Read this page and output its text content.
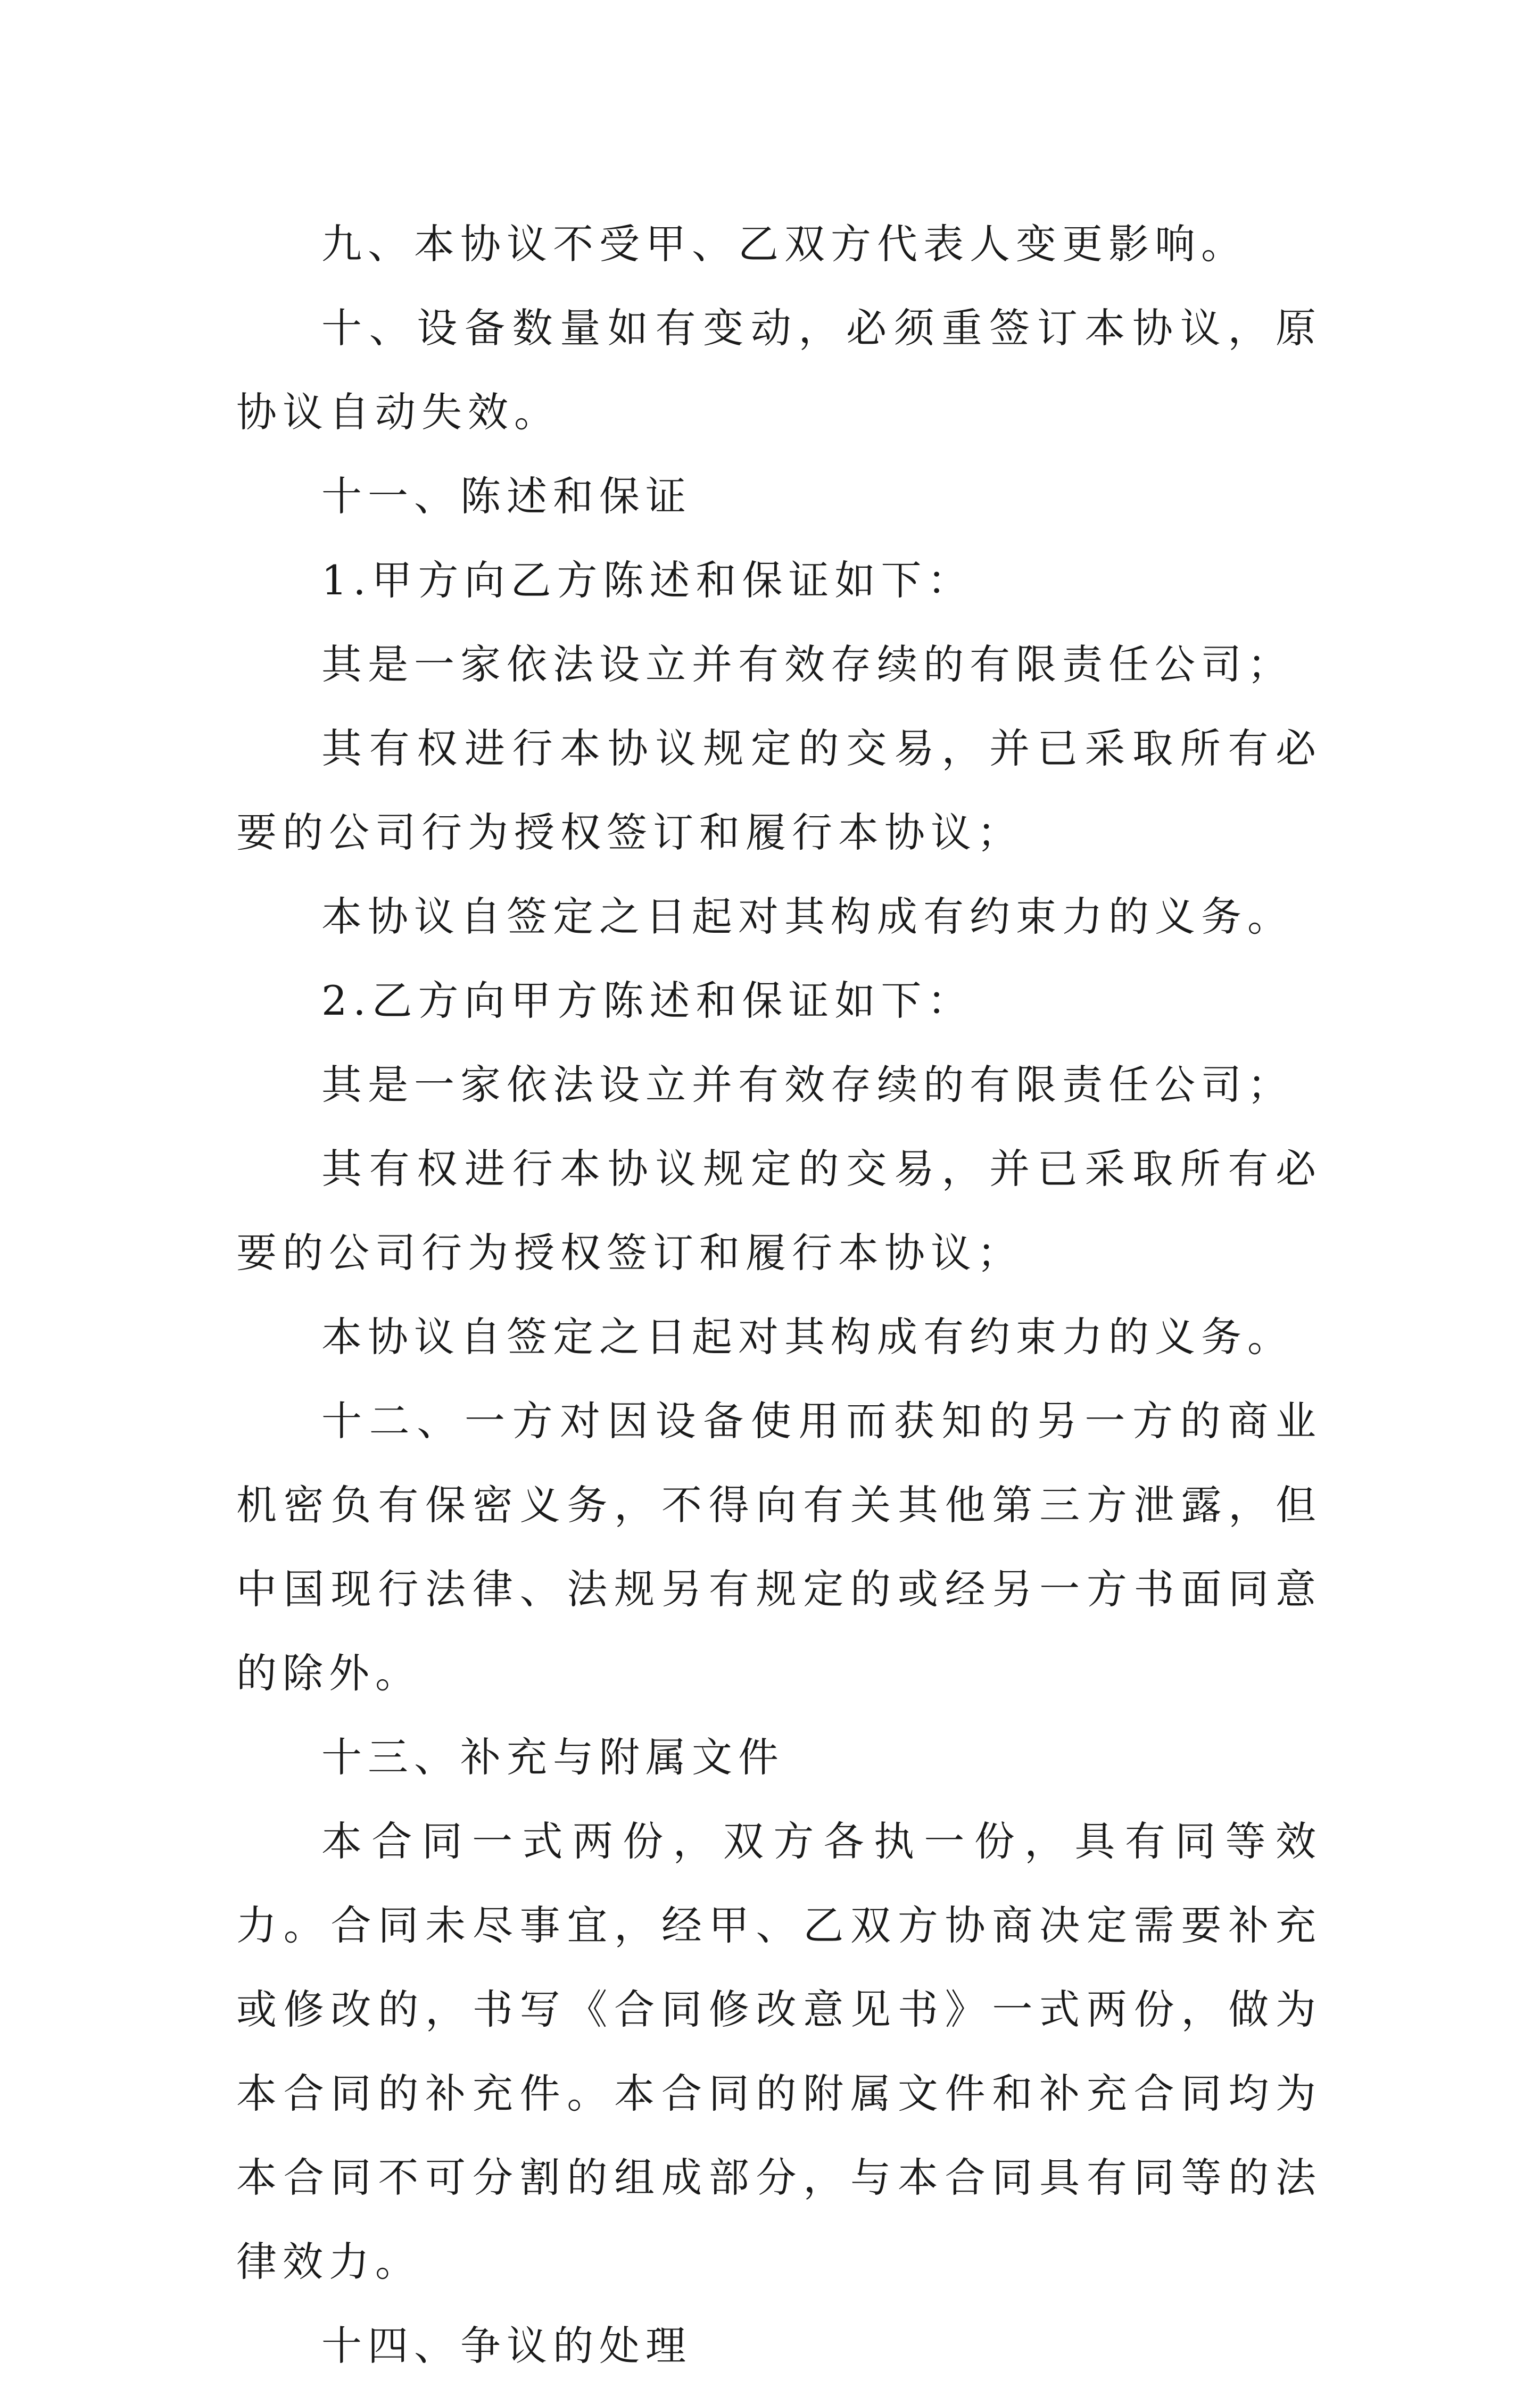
九、本协议不受甲、乙双方代表人变更影响。

十、设备数量如有变动，必须重签订本协议，原协议自动失效。

十一、陈述和保证

1.甲方向乙方陈述和保证如下：

其是一家依法设立并有效存续的有限责任公司；

其有权进行本协议规定的交易，并已采取所有必要的公司行为授权签订和履行本协议；

本协议自签定之日起对其构成有约束力的义务。

2.乙方向甲方陈述和保证如下：

其是一家依法设立并有效存续的有限责任公司；

其有权进行本协议规定的交易，并已采取所有必要的公司行为授权签订和履行本协议；

本协议自签定之日起对其构成有约束力的义务。

十二、一方对因设备使用而获知的另一方的商业机密负有保密义务，不得向有关其他第三方泄露，但中国现行法律、法规另有规定的或经另一方书面同意的除外。

十三、补充与附属文件

本合同一式两份，双方各执一份，具有同等效力。合同未尽事宜，经甲、乙双方协商决定需要补充或修改的，书写《合同修改意见书》一式两份，做为本合同的补充件。本合同的附属文件和补充合同均为本合同不可分割的组成部分，与本合同具有同等的法律效力。

十四、争议的处理
